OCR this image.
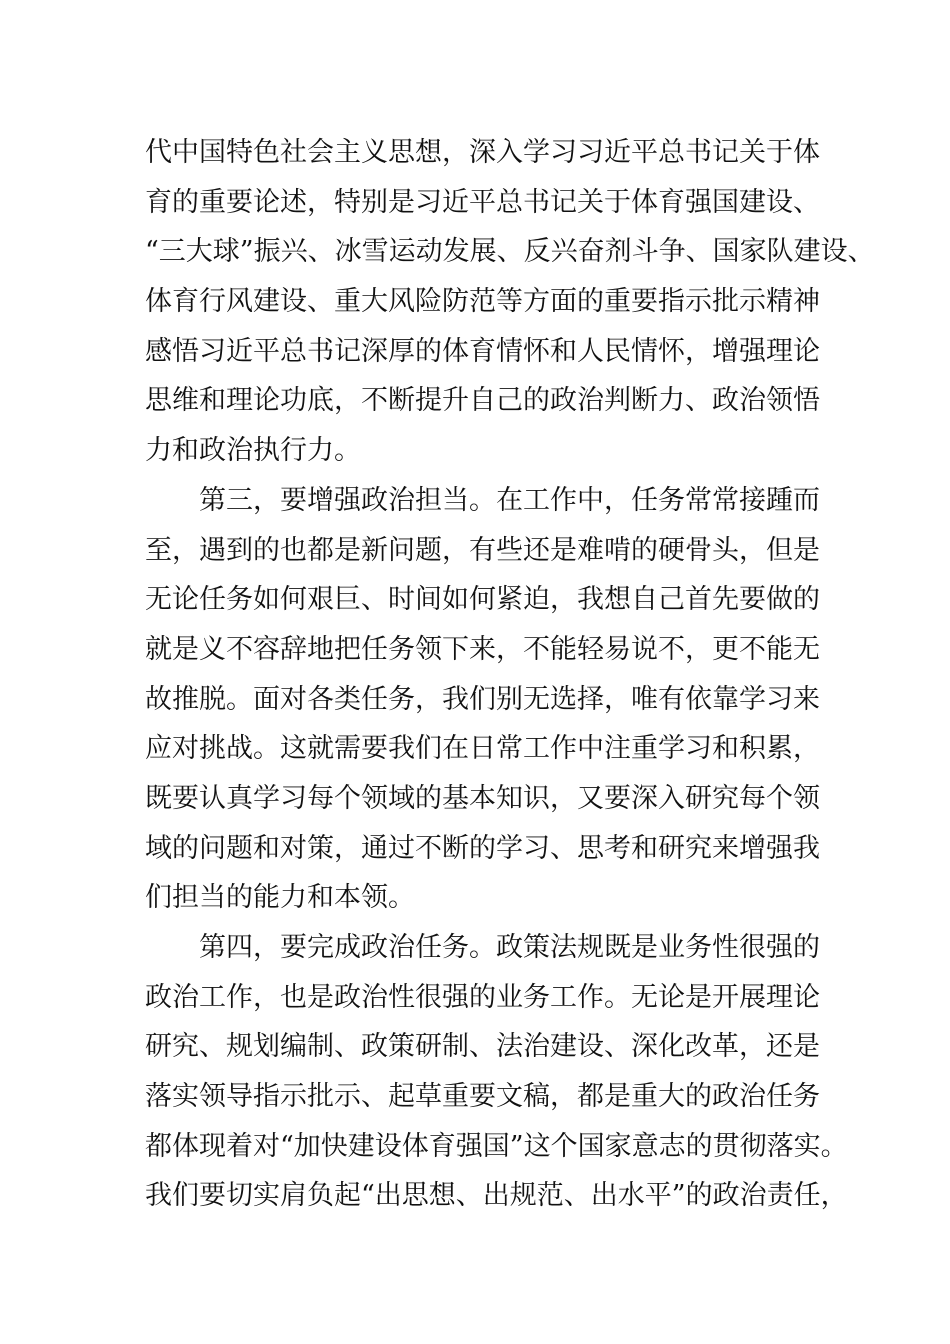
代中国特色社会主义思想，深入学习习近平总书记关于体
育的重要论述，特别是习近平总书记关于体育强国建设、
“三大球”振兴、冰雪运动发展、反兴奋剂斗争、国家队建设、
体育行风建设、重大风险防范等方面的重要指示批示精神
感悟习近平总书记深厚的体育情怀和人民情怀，增强理论
思维和理论功底，不断提升自己的政治判断力、政治领悟
力和政治执行力。
第三，要增强政治担当。在工作中，任务常常接踵而
至，遇到的也都是新问题，有些还是难啃的硬骨头，但是
无论任务如何艰巨、时间如何紧迫，我想自己首先要做的
就是义不容辞地把任务领下来，不能轻易说不，更不能无
故推脱。面对各类任务，我们别无选择，唯有依靠学习来
应对挑战。这就需要我们在日常工作中注重学习和积累，
既要认真学习每个领域的基本知识，又要深入研究每个领
域的问题和对策，通过不断的学习、思考和研究来增强我
们担当的能力和本领。
第四，要完成政治任务。政策法规既是业务性很强的
政治工作，也是政治性很强的业务工作。无论是开展理论
研究、规划编制、政策研制、法治建设、深化改革，还是
落实领导指示批示、起草重要文稿，都是重大的政治任务
都体现着对“加快建设体育强国”这个国家意志的贯彻落实。
我们要切实肩负起“出思想、出规范、出水平”的政治责任，
